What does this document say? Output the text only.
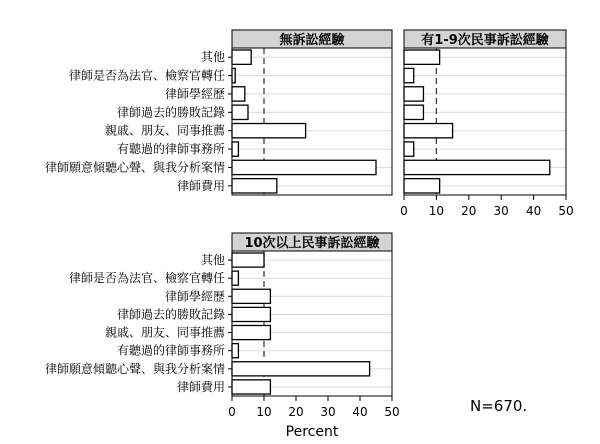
無訴訟經驗
其他
律師是否為法官、檢察官轉任
律師學經歷
律師過去的勝敗記錄
親戚、朋友、同事推薦
有聽過的律師事務所
律師願意傾聽心聲、與我分析案情
律師費用
有1-9次民事訴訟經驗
0 10 20 30 40 50
10次以上民事訴訟經驗
其他
律師是否為法官、檢察官轉任
律師學經歷
律師過去的勝敗記錄
親戚、朋友、同事推薦
有聽過的律師事務所
律師願意傾聽心聲、與我分析案情
律師費用
0 10 20 30 40 50
Percent
N=670.
